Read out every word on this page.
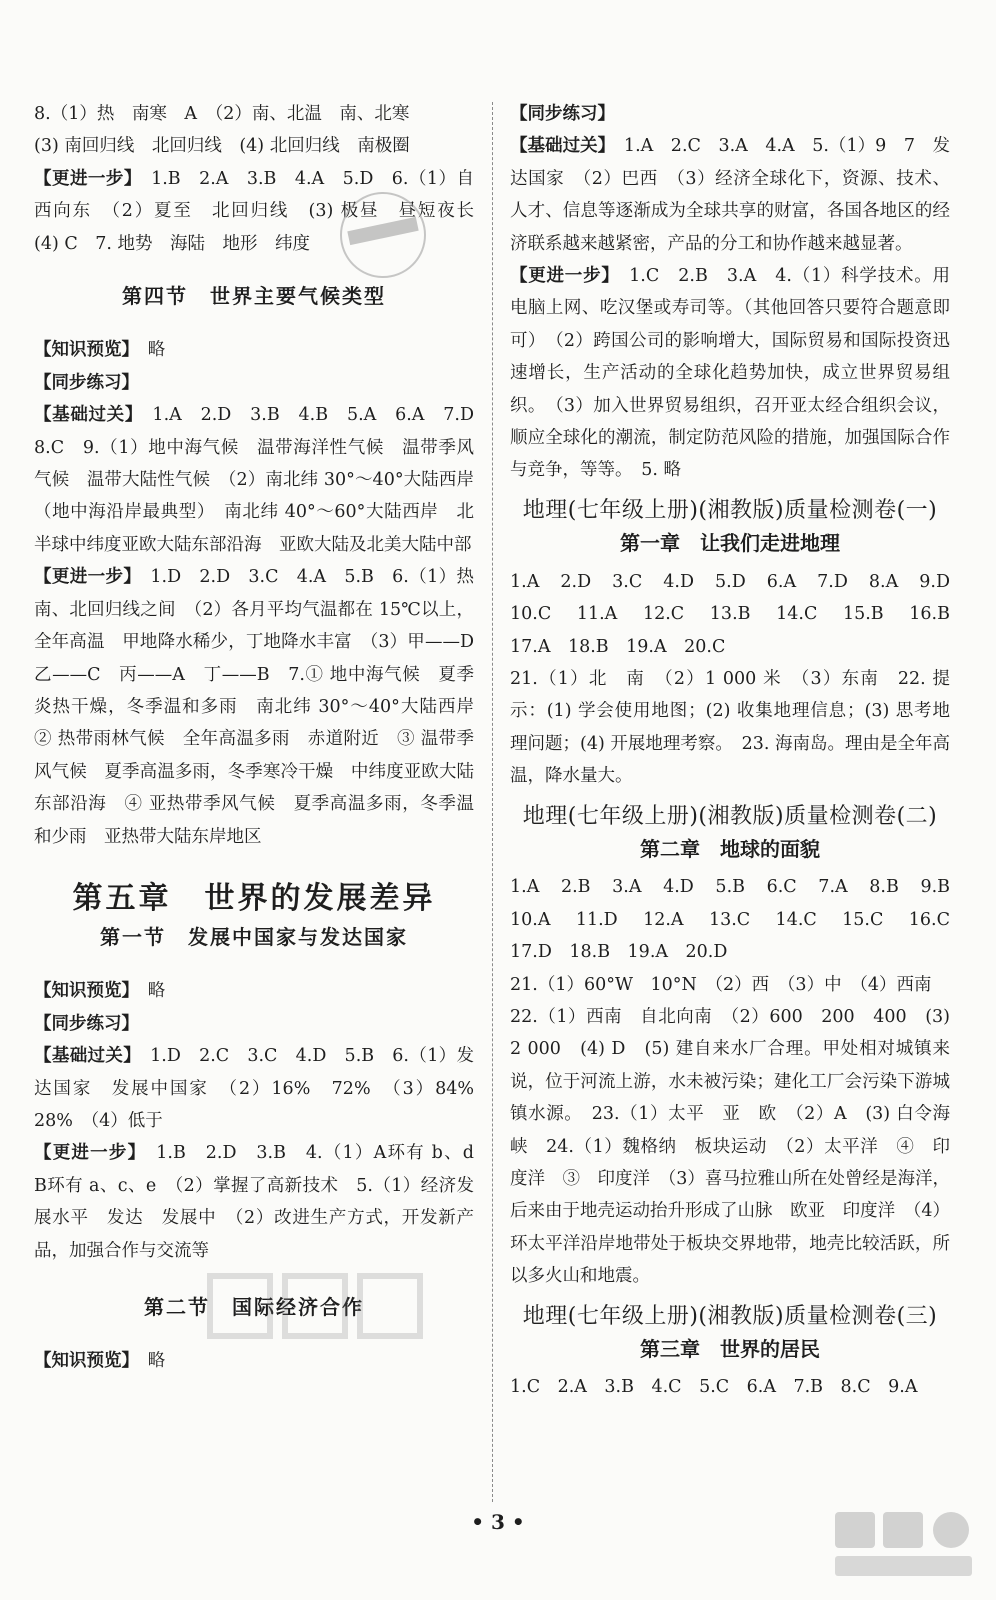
8.（1）热　南寒　A　（2）南、北温　南、北寒
(3) 南回归线　北回归线　(4) 北回归线　南极圈
【更进一步】　1.B　2.A　3.B　4.A　5.D　6.（1）自西向东　（2）夏至　北回归线　(3) 极昼　昼短夜长　(4) C　7. 地势　海陆　地形　纬度
第四节　世界主要气候类型
【知识预览】　略
【同步练习】
【基础过关】　1.A　2.D　3.B　4.B　5.A　6.A　7.D　8.C　9.（1）地中海气候　温带海洋性气候　温带季风气候　温带大陆性气候　（2）南北纬 30°～40°大陆西岸（地中海沿岸最典型）　南北纬 40°～60°大陆西岸　北半球中纬度亚欧大陆东部沿海　亚欧大陆及北美大陆中部
【更进一步】　1.D　2.D　3.C　4.A　5.B　6.（1）热　南、北回归线之间　（2）各月平均气温都在 15℃以上，全年高温　甲地降水稀少，丁地降水丰富　（3）甲——D　乙——C　丙——A　丁——B　7.① 地中海气候　夏季炎热干燥，冬季温和多雨　南北纬 30°～40°大陆西岸　② 热带雨林气候　全年高温多雨　赤道附近　③ 温带季风气候　夏季高温多雨，冬季寒冷干燥　中纬度亚欧大陆东部沿海　④ 亚热带季风气候　夏季高温多雨，冬季温和少雨　亚热带大陆东岸地区
第五章　世界的发展差异
第一节　发展中国家与发达国家
【知识预览】　略
【同步练习】
【基础过关】　1.D　2.C　3.C　4.D　5.B　6.（1）发达国家　发展中国家　（2）16%　72%　（3）84%　28%　（4）低于
【更进一步】　1.B　2.D　3.B　4.（1）A环有 b、d　B环有 a、c、e　（2）掌握了高新技术　5.（1）经济发展水平　发达　发展中　（2）改进生产方式，开发新产品，加强合作与交流等
第二节　国际经济合作
【知识预览】　略
【同步练习】
【基础过关】　1.A　2.C　3.A　4.A　5.（1）9　7　发达国家　（2）巴西　（3）经济全球化下，资源、技术、人才、信息等逐渐成为全球共享的财富，各国各地区的经济联系越来越紧密，产品的分工和协作越来越显著。
【更进一步】　1.C　2.B　3.A　4.（1）科学技术。用电脑上网、吃汉堡或寿司等。（其他回答只要符合题意即可）　（2）跨国公司的影响增大，国际贸易和国际投资迅速增长，生产活动的全球化趋势加快，成立世界贸易组织。　（3）加入世界贸易组织，召开亚太经合组织会议，顺应全球化的潮流，制定防范风险的措施，加强国际合作与竞争，等等。　5. 略
地理(七年级上册)(湘教版)质量检测卷(一)
第一章　让我们走进地理
1.A　2.D　3.C　4.D　5.D　6.A　7.D　8.A　9.D　10.C　11.A　12.C　13.B　14.C　15.B　16.B　17.A　18.B　19.A　20.C
21.（1）北　南　（2）1 000 米　（3）东南　22. 提示：(1) 学会使用地图；(2) 收集地理信息；(3) 思考地理问题；(4) 开展地理考察。　23. 海南岛。理由是全年高温，降水量大。
地理(七年级上册)(湘教版)质量检测卷(二)
第二章　地球的面貌
1.A　2.B　3.A　4.D　5.B　6.C　7.A　8.B　9.B　10.A　11.D　12.A　13.C　14.C　15.C　16.C　17.D　18.B　19.A　20.D
21.（1）60°W　10°N　（2）西　（3）中　（4）西南
22.（1）西南　自北向南　（2）600　200　400　(3) 2 000　(4) D　(5) 建自来水厂合理。甲处相对城镇来说，位于河流上游，水未被污染；建化工厂会污染下游城镇水源。　23.（1）太平　亚　欧　（2）A　(3) 白令海峡　24.（1）魏格纳　板块运动　（2）太平洋　④　印度洋　③　印度洋　（3）喜马拉雅山所在处曾经是海洋，后来由于地壳运动抬升形成了山脉　欧亚　印度洋　（4）环太平洋沿岸地带处于板块交界地带，地壳比较活跃，所以多火山和地震。
地理(七年级上册)(湘教版)质量检测卷(三)
第三章　世界的居民
1.C　2.A　3.B　4.C　5.C　6.A　7.B　8.C　9.A
• 3 •
